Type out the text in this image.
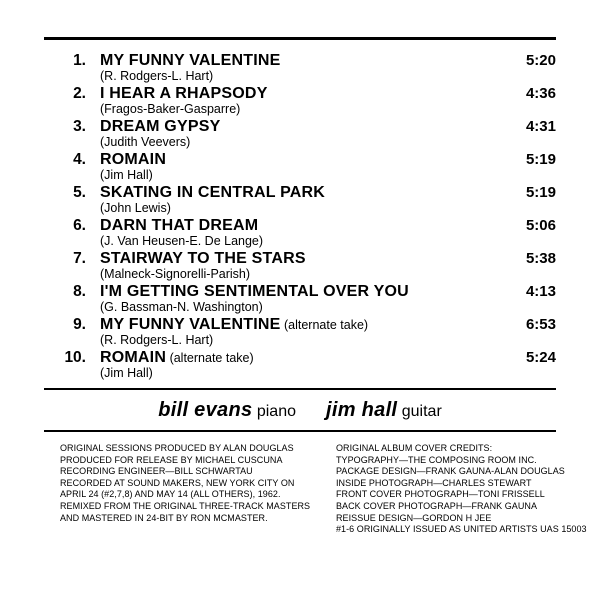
1. MY FUNNY VALENTINE	5:20
(R. Rodgers-L. Hart)
2. I HEAR A RHAPSODY	4:36
(Fragos-Baker-Gasparre)
3. DREAM GYPSY	4:31
(Judith Veevers)
4. ROMAIN	5:19
(Jim Hall)
5. SKATING IN CENTRAL PARK	5:19
(John Lewis)
6. DARN THAT DREAM	5:06
(J. Van Heusen-E. De Lange)
7. STAIRWAY TO THE STARS	5:38
(Malneck-Signorelli-Parish)
8. I'M GETTING SENTIMENTAL OVER YOU	4:13
(G. Bassman-N. Washington)
9. MY FUNNY VALENTINE (alternate take)	6:53
(R. Rodgers-L. Hart)
10. ROMAIN (alternate take)	5:24
(Jim Hall)
bill evans piano jim hall guitar
ORIGINAL SESSIONS PRODUCED BY ALAN DOUGLAS
PRODUCED FOR RELEASE BY MICHAEL CUSCUNA
RECORDING ENGINEER—BILL SCHWARTAU
RECORDED AT SOUND MAKERS, NEW YORK CITY ON
APRIL 24 (#2,7,8) AND MAY 14 (ALL OTHERS), 1962.
REMIXED FROM THE ORIGINAL THREE-TRACK MASTERS
AND MASTERED IN 24-BIT BY RON MCMASTER.
ORIGINAL ALBUM COVER CREDITS:
TYPOGRAPHY—THE COMPOSING ROOM INC.
PACKAGE DESIGN—FRANK GAUNA-ALAN DOUGLAS
INSIDE PHOTOGRAPH—CHARLES STEWART
FRONT COVER PHOTOGRAPH—TONI FRISSELL
BACK COVER PHOTOGRAPH—FRANK GAUNA
REISSUE DESIGN—GORDON H JEE
#1-6 ORIGINALLY ISSUED AS UNITED ARTISTS UAS 15003
